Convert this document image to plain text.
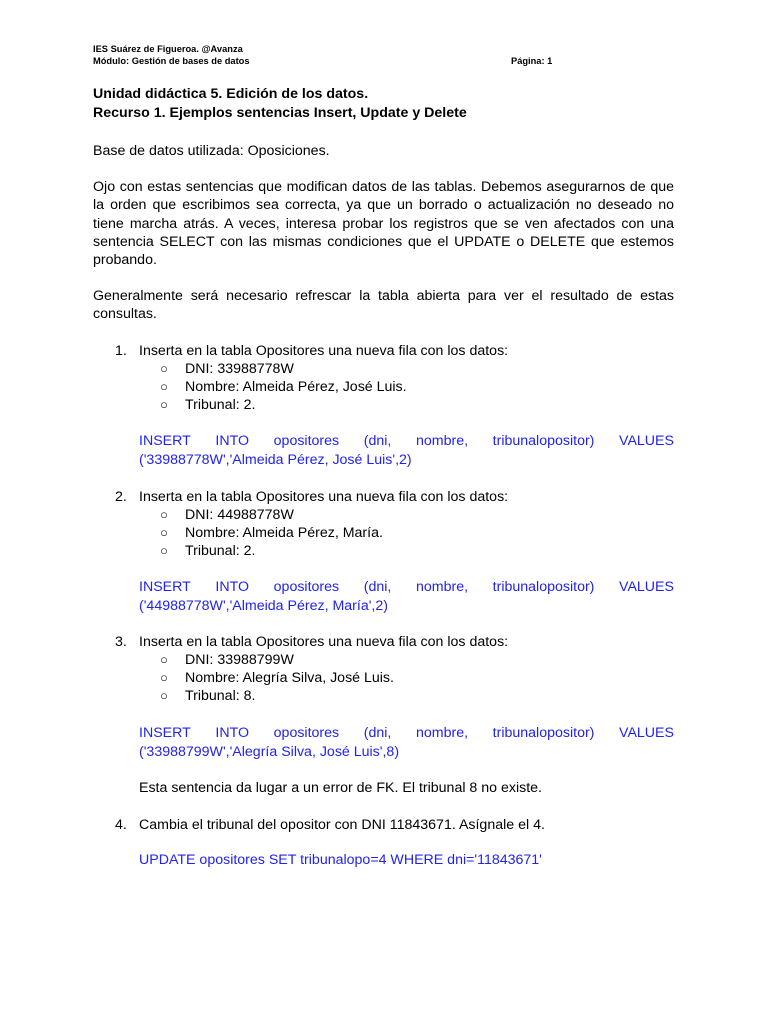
IES Suárez de Figueroa. @Avanza
Módulo: Gestión de bases de datos	Página: 1
Unidad didáctica 5. Edición de los datos.
Recurso 1. Ejemplos sentencias Insert, Update y Delete
Base de datos utilizada: Oposiciones.
Ojo con estas sentencias que modifican datos de las tablas. Debemos asegurarnos de que la orden que escribimos sea correcta, ya que un borrado o actualización no deseado no tiene marcha atrás. A veces, interesa probar los registros que se ven afectados con una sentencia SELECT con las mismas condiciones que el UPDATE o DELETE que estemos probando.
Generalmente será necesario refrescar la tabla abierta para ver el resultado de estas consultas.
1. Inserta en la tabla Opositores una nueva fila con los datos:
○ DNI: 33988778W
○ Nombre: Almeida Pérez, José Luis.
○ Tribunal: 2.
INSERT INTO opositores (dni, nombre, tribunalopositor) VALUES
('33988778W','Almeida Pérez, José Luis',2)
2. Inserta en la tabla Opositores una nueva fila con los datos:
○ DNI: 44988778W
○ Nombre: Almeida Pérez, María.
○ Tribunal: 2.
INSERT INTO opositores (dni, nombre, tribunalopositor) VALUES
('44988778W','Almeida Pérez, María',2)
3. Inserta en la tabla Opositores una nueva fila con los datos:
○ DNI: 33988799W
○ Nombre: Alegría Silva, José Luis.
○ Tribunal: 8.
INSERT INTO opositores (dni, nombre, tribunalopositor) VALUES
('33988799W','Alegría Silva, José Luis',8)
Esta sentencia da lugar a un error de FK. El tribunal 8 no existe.
4. Cambia el tribunal del opositor con DNI 11843671. Asígnale el 4.
UPDATE opositores SET tribunalopo=4 WHERE dni='11843671'
